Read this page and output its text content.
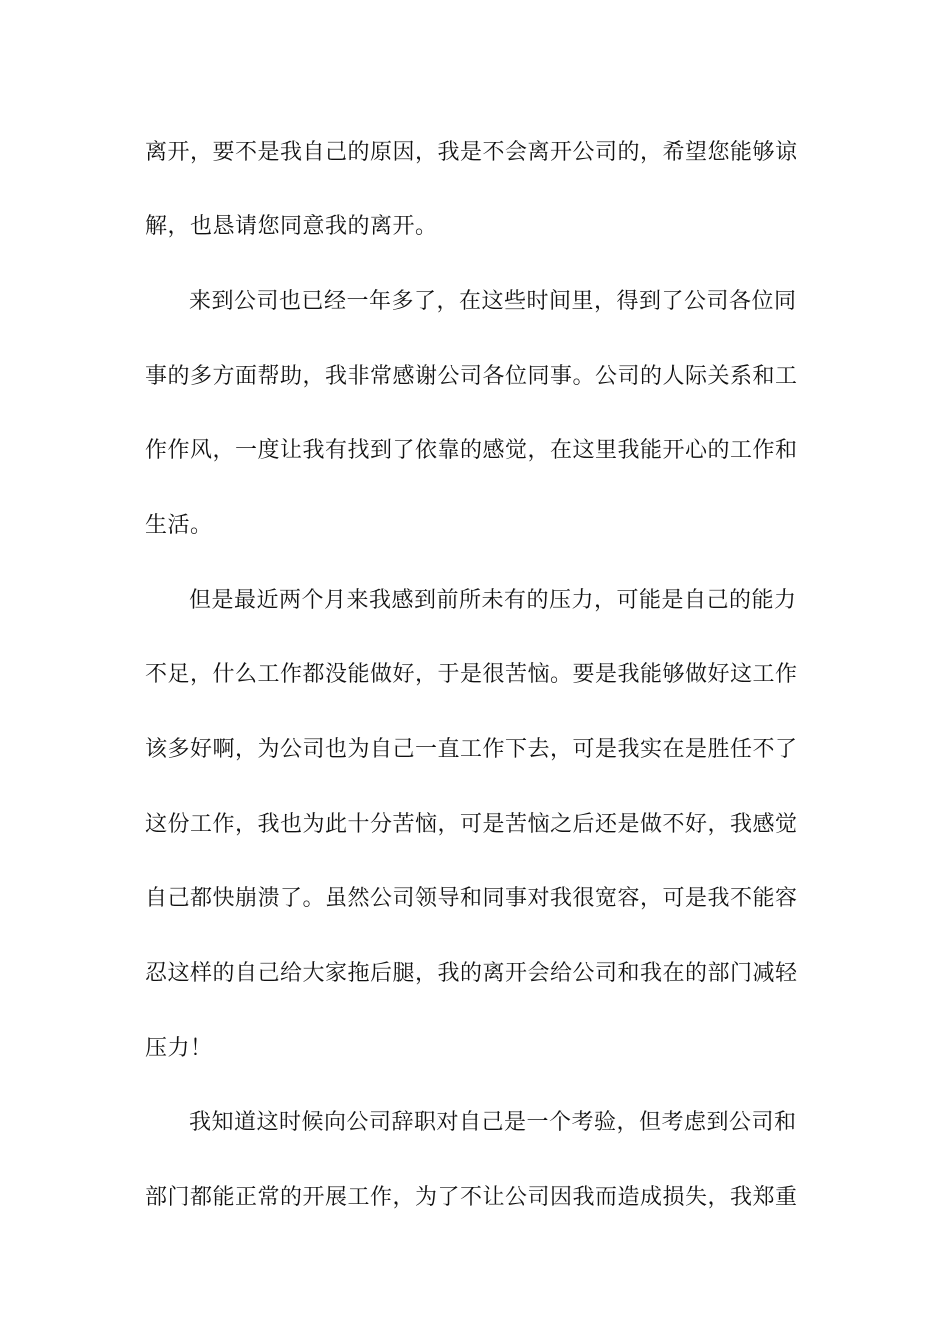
离开，要不是我自己的原因，我是不会离开公司的，希望您能够谅
解，也恳请您同意我的离开。
来到公司也已经一年多了，在这些时间里，得到了公司各位同
事的多方面帮助，我非常感谢公司各位同事。公司的人际关系和工
作作风，一度让我有找到了依靠的感觉，在这里我能开心的工作和
生活。
但是最近两个月来我感到前所未有的压力，可能是自己的能力
不足，什么工作都没能做好，于是很苦恼。要是我能够做好这工作
该多好啊，为公司也为自己一直工作下去，可是我实在是胜任不了
这份工作，我也为此十分苦恼，可是苦恼之后还是做不好，我感觉
自己都快崩溃了。虽然公司领导和同事对我很宽容，可是我不能容
忍这样的自己给大家拖后腿，我的离开会给公司和我在的部门减轻
压力！
我知道这时候向公司辞职对自己是一个考验，但考虑到公司和
部门都能正常的开展工作，为了不让公司因我而造成损失，我郑重
